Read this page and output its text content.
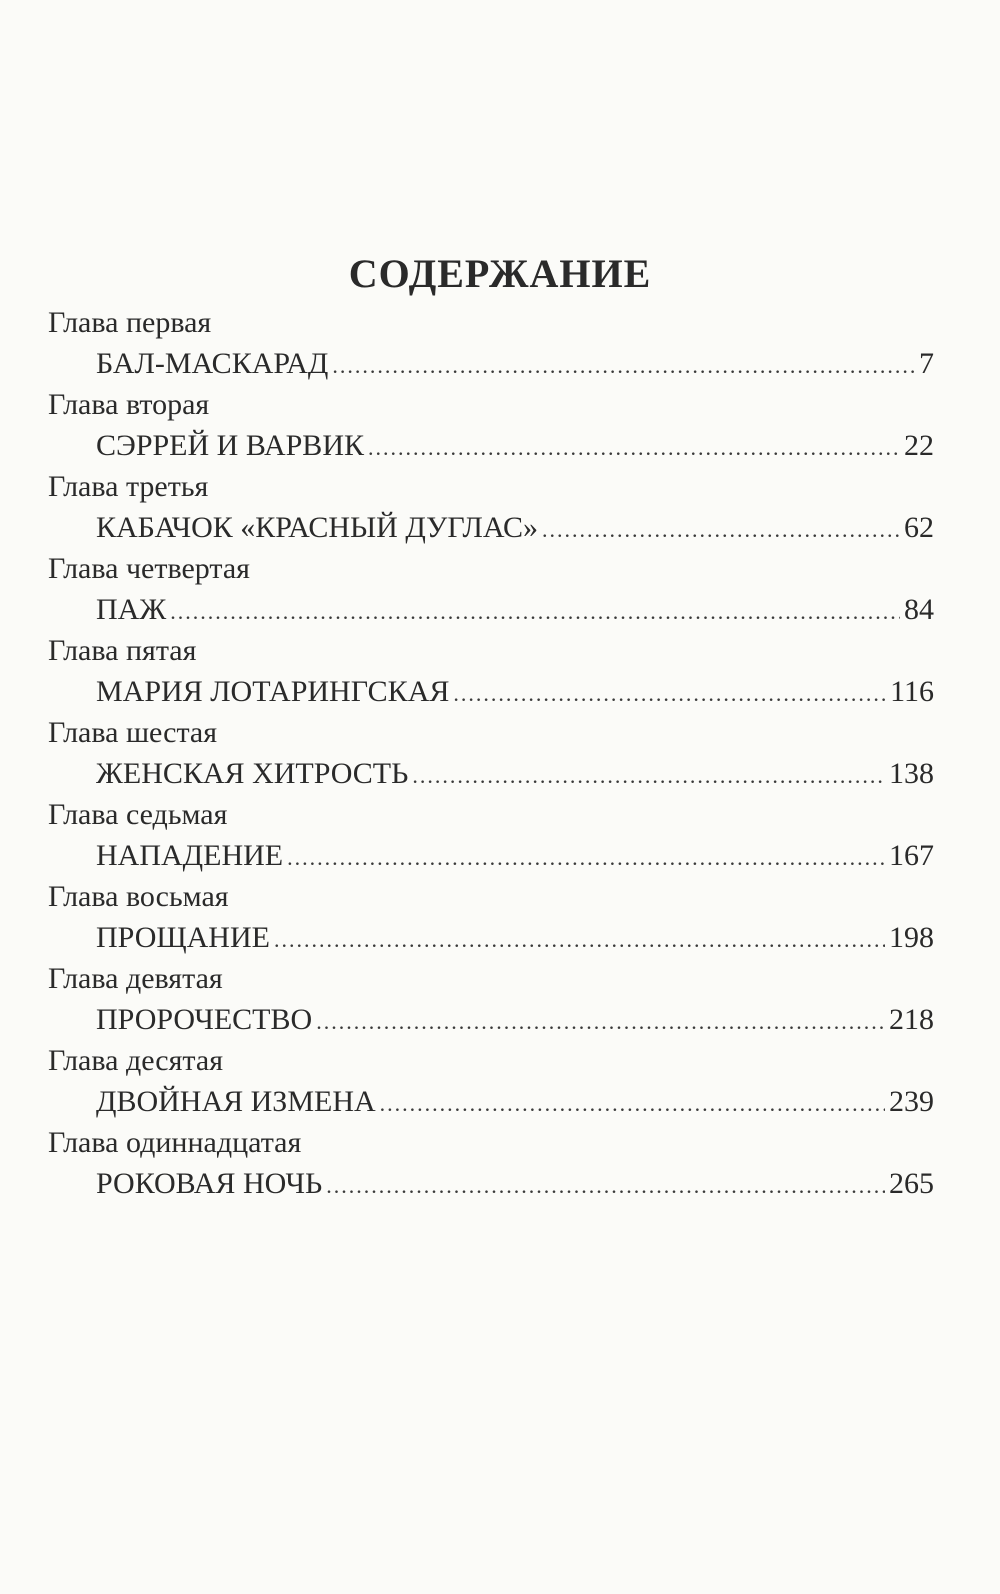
СОДЕРЖАНИЕ
Глава первая
БАЛ-МАСКАРАД .....	7
Глава вторая
СЭРРЕЙ И ВАРВИК .....	22
Глава третья
КАБАЧОК «КРАСНЫЙ ДУГЛАС» .....	62
Глава четвертая
ПАЖ .....	84
Глава пятая
МАРИЯ ЛОТАРИНГСКАЯ .....	116
Глава шестая
ЖЕНСКАЯ ХИТРОСТЬ .....	138
Глава седьмая
НАПАДЕНИЕ .....	167
Глава восьмая
ПРОЩАНИЕ .....	198
Глава девятая
ПРОРОЧЕСТВО .....	218
Глава десятая
ДВОЙНАЯ ИЗМЕНА .....	239
Глава одиннадцатая
РОКОВАЯ НОЧЬ .....	265
